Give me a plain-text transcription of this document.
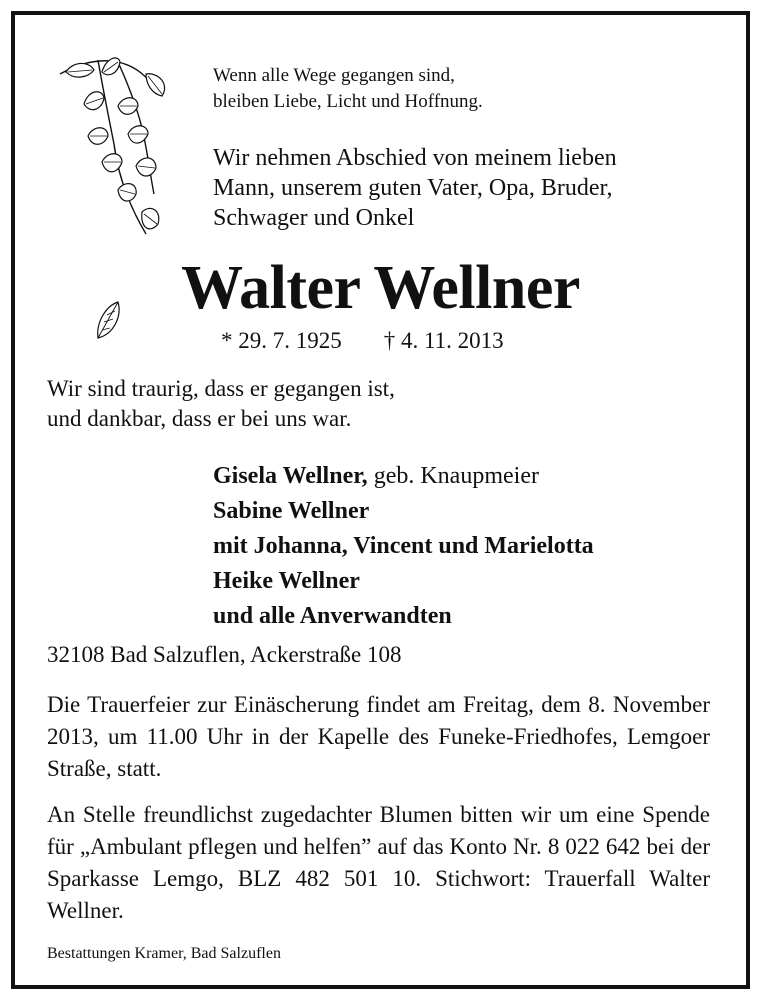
Wenn alle Wege gegangen sind,
bleiben Liebe, Licht und Hoffnung.
Wir nehmen Abschied von meinem lieben
Mann, unserem guten Vater, Opa, Bruder,
Schwager und Onkel
Walter Wellner
* 29. 7. 1925 † 4. 11. 2013
Wir sind traurig, dass er gegangen ist,
und dankbar, dass er bei uns war.
Gisela Wellner, geb. Knaupmeier
Sabine Wellner
mit Johanna, Vincent und Marielotta
Heike Wellner
und alle Anverwandten
32108 Bad Salzuflen, Ackerstraße 108
Die Trauerfeier zur Einäscherung findet am Freitag, dem 8. November 2013, um 11.00 Uhr in der Kapelle des Funeke-Friedhofes, Lemgoer Straße, statt.
An Stelle freundlichst zugedachter Blumen bitten wir um eine Spende für „Ambulant pflegen und helfen” auf das Konto Nr. 8 022 642 bei der Sparkasse Lemgo, BLZ 482 501 10. Stichwort: Trauerfall Walter Wellner.
Bestattungen Kramer, Bad Salzuflen
